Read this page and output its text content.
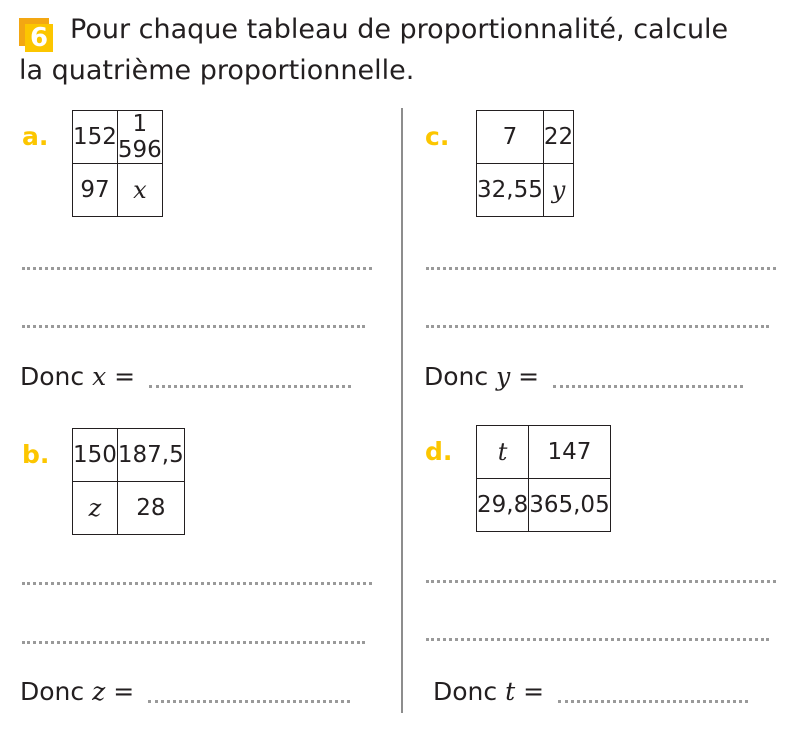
6 Pour chaque tableau de proportionnalité, calcule
la quatrième proportionnelle.
a. 152	1 596
97	x
Donc x =
b. 150	187,5
z	28
Donc z =
c. 7	22
32,55	y
Donc y =
d. t	147
29,8	365,05
Donc t =
